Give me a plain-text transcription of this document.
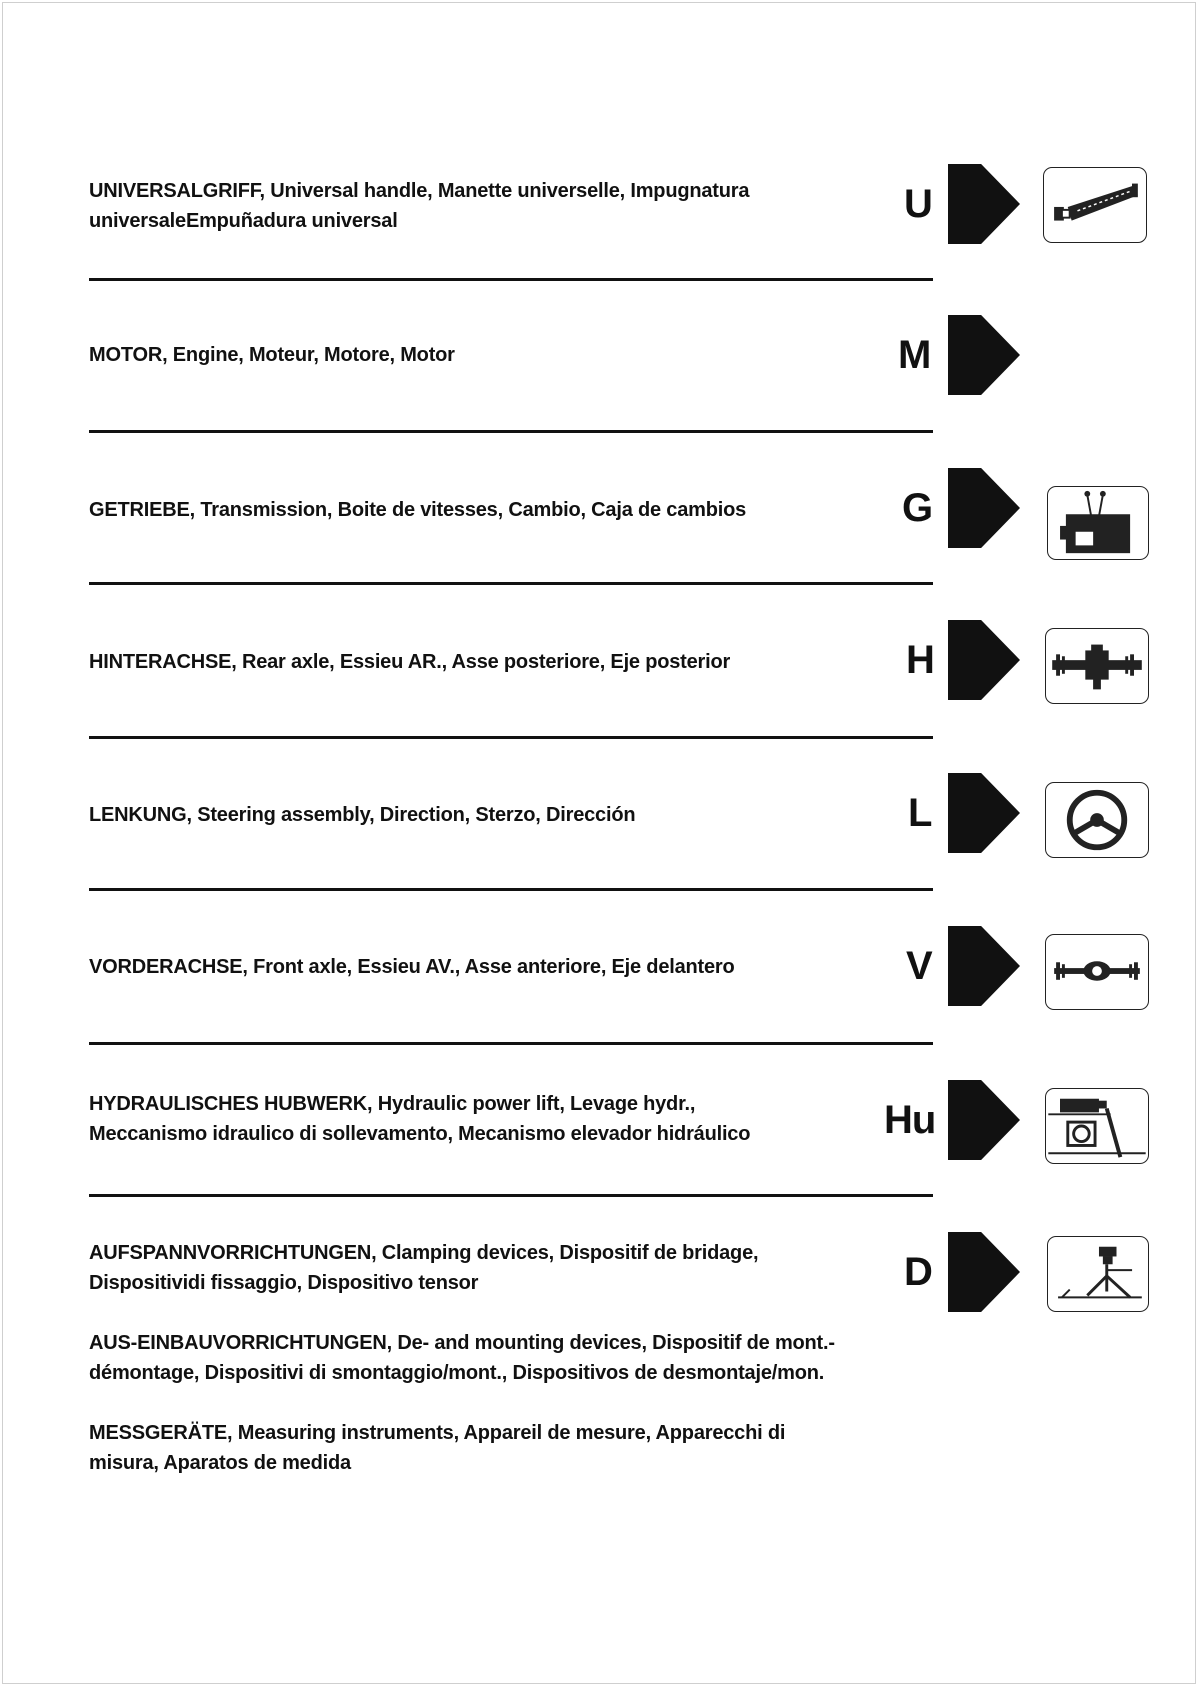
UNIVERSALGRIFF, Universal handle, Manette universelle, Impugnatura
universaleEmpuñadura universal	U
MOTOR, Engine, Moteur, Motore, Motor	M
GETRIEBE, Transmission, Boite de vitesses, Cambio, Caja de cambios	G
HINTERACHSE, Rear axle, Essieu AR., Asse posteriore, Eje posterior	H
LENKUNG, Steering assembly, Direction, Sterzo, Dirección	L
VORDERACHSE, Front axle, Essieu AV., Asse anteriore, Eje delantero	V
HYDRAULISCHES HUBWERK, Hydraulic power lift, Levage hydr.,
Meccanismo idraulico di sollevamento, Mecanismo elevador hidráulico	Hu
AUFSPANNVORRICHTUNGEN, Clamping devices, Dispositif de bridage,
Dispositividi fissaggio, Dispositivo tensor	D
AUS-EINBAUVORRICHTUNGEN, De- and mounting devices, Dispositif de mont.-
démontage, Dispositivi di smontaggio/mont., Dispositivos de desmontaje/mon.
MESSGERÄTE, Measuring instruments, Appareil de mesure, Apparecchi di
misura, Aparatos de medida
